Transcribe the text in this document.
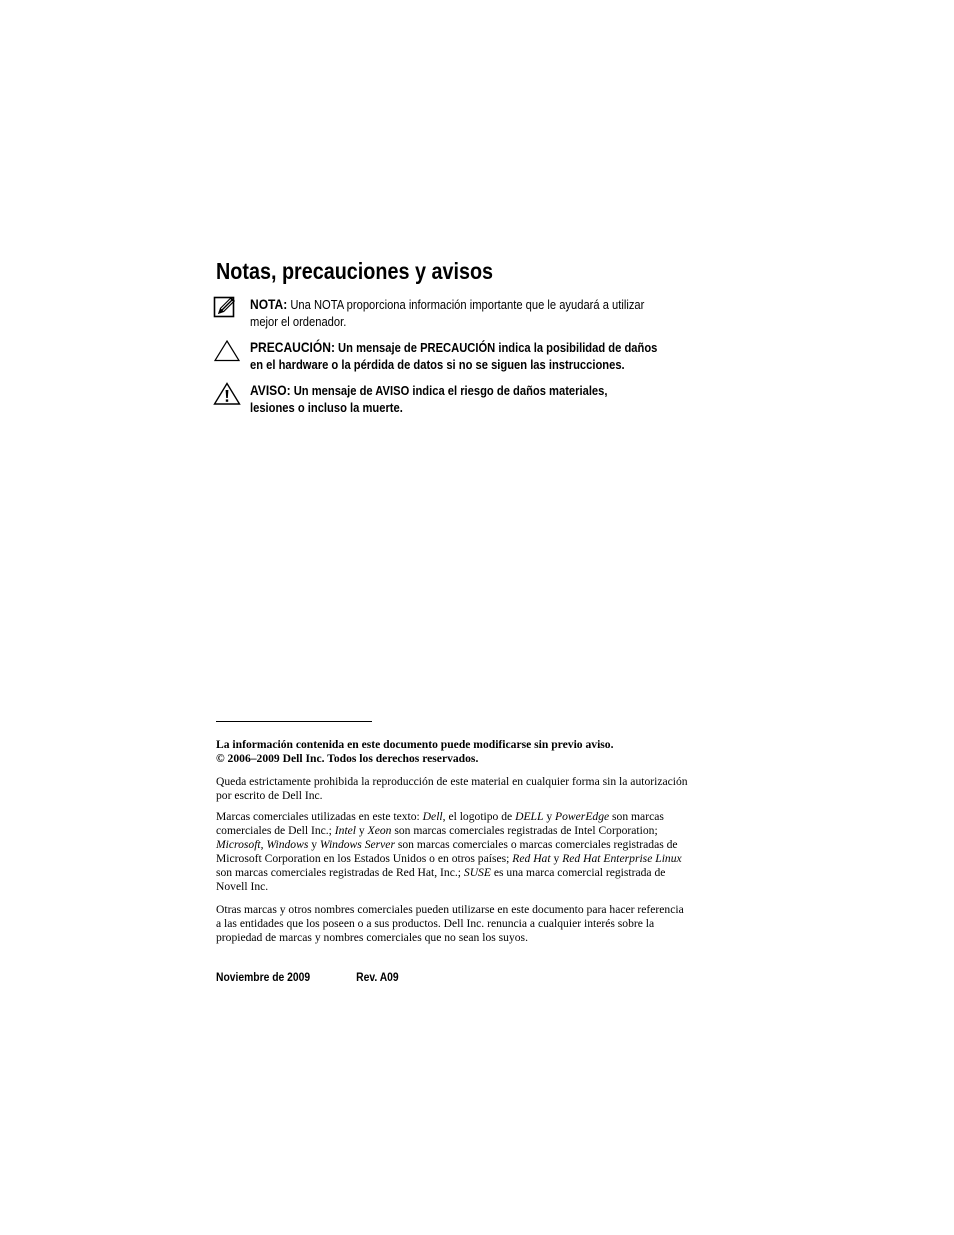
Notas, precauciones y avisos
NOTA: Una NOTA proporciona información importante que le ayudará a utilizar
mejor el ordenador.
PRECAUCIÓN: Un mensaje de PRECAUCIÓN indica la posibilidad de daños
en el hardware o la pérdida de datos si no se siguen las instrucciones.
AVISO: Un mensaje de AVISO indica el riesgo de daños materiales,
lesiones o incluso la muerte.
La información contenida en este documento puede modificarse sin previo aviso.
© 2006–2009 Dell Inc. Todos los derechos reservados.
Queda estrictamente prohibida la reproducción de este material en cualquier forma sin la autorización
por escrito de Dell Inc.
Marcas comerciales utilizadas en este texto: Dell, el logotipo de DELL y PowerEdge son marcas
comerciales de Dell Inc.; Intel y Xeon son marcas comerciales registradas de Intel Corporation;
Microsoft, Windows y Windows Server son marcas comerciales o marcas comerciales registradas de
Microsoft Corporation en los Estados Unidos o en otros países; Red Hat y Red Hat Enterprise Linux
son marcas comerciales registradas de Red Hat, Inc.; SUSE es una marca comercial registrada de
Novell Inc.
Otras marcas y otros nombres comerciales pueden utilizarse en este documento para hacer referencia
a las entidades que los poseen o a sus productos. Dell Inc. renuncia a cualquier interés sobre la
propiedad de marcas y nombres comerciales que no sean los suyos.
Noviembre de 2009	Rev. A09
